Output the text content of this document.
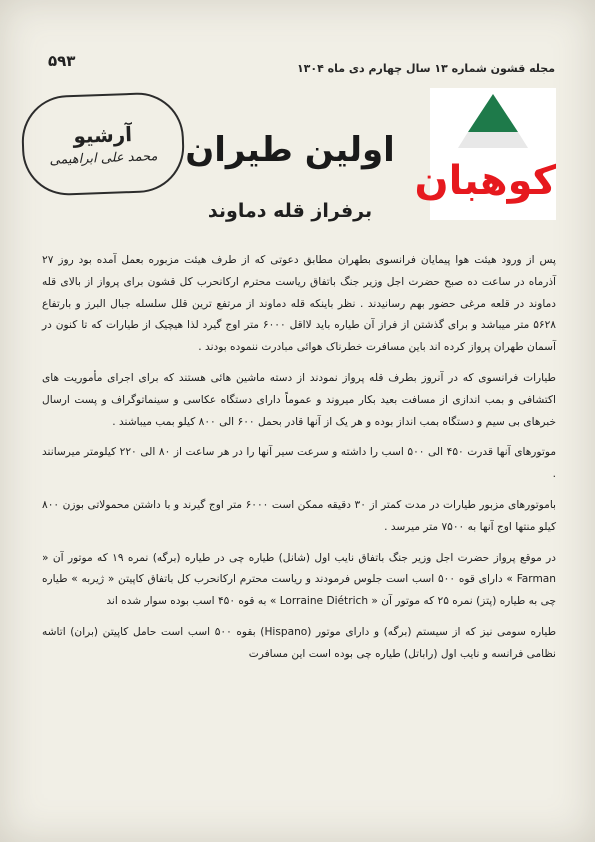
۵۹۳	مجله قشون شماره ۱۳ سال چهارم دی ماه ۱۳۰۴
آرشیو
محمد علی ابراهیمی
کوهبان
اولین طیران
برفراز قله دماوند

پس از ورود هیئت هوا پیمایان فرانسوی بطهران مطابق دعوتی که از طرف هیئت مزبوره بعمل آمده بود روز ۲۷ آذرماه در ساعت ده صبح حضرت اجل وزیر جنگ باتفاق ریاست محترم ارکانحرب کل قشون برای پرواز از بالای قله دماوند در قلعه مرغی حضور بهم رسانیدند . نظر باینکه قله دماوند از مرتفع ترین قلل سلسله جبال البرز و بارتفاع ۵۶۲۸ متر میباشد و برای گذشتن از فراز آن طیاره باید لااقل ۶۰۰۰ متر اوج گیرد لذا هیچیک از طیارات که تا کنون در آسمان طهران پرواز کرده اند باین مسافرت خطرناک هوائی مبادرت ننموده بودند .

طیارات فرانسوی که در آنروز بطرف قله پرواز نمودند از دسته ماشین هائی هستند که برای اجرای مأموریت های اکتشافی و بمب اندازی از مسافت بعید بکار میروند و عموماً دارای دستگاه عکاسی و سینماتوگراف و پست ارسال خبرهای بی سیم و دستگاه بمب انداز بوده و هر یک از آنها قادر بحمل ۶۰۰ الی ۸۰۰ کیلو بمب میباشند .

موتورهای آنها قدرت ۴۵۰ الی ۵۰۰ اسب را داشته و سرعت سیر آنها را در هر ساعت از ۸۰ الی ۲۲۰ کیلومتر میرسانند .

باموتورهای مزبور طیارات در مدت کمتر از ۳۰ دقیقه ممکن است ۶۰۰۰ متر اوج گیرند و با داشتن محمولاتی بوزن ۸۰۰ کیلو منتها اوج آنها به ۷۵۰۰ متر میرسد .

در موقع پرواز حضرت اجل وزیر جنگ باتفاق نایب اول (شانل) طیاره چی در طیاره (برگه) نمره ۱۹ که موتور آن « Farman » دارای قوه ۵۰۰ اسب است جلوس فرمودند و ریاست محترم ارکانحرب کل باتفاق کاپیتن « ژیربه » طیاره چی به طیاره (پتز) نمره ۲۵ که موتور آن « Lorraine Diétrich » به قوه ۴۵۰ اسب بوده سوار شده اند

طیاره سومی نیز که از سیستم (برگه) و دارای موتور (Hispano) بقوه ۵۰۰ اسب است حامل کاپیتن (بران) اتاشه نظامی فرانسه و نایب اول (راباتل) طیاره چی بوده است این مسافرت
